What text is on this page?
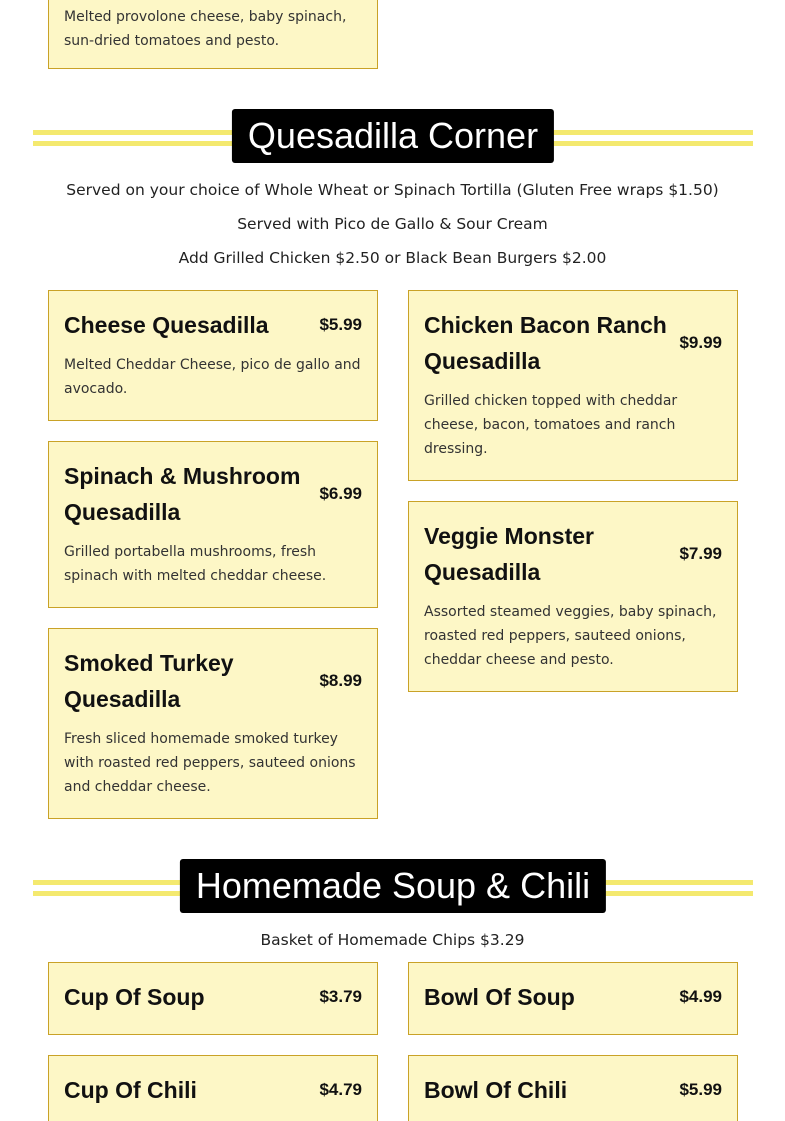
Melted provolone cheese, baby spinach, sun-dried tomatoes and pesto.
Quesadilla Corner
Served on your choice of Whole Wheat or Spinach Tortilla (Gluten Free wraps $1.50)
Served with Pico de Gallo & Sour Cream
Add Grilled Chicken $2.50 or Black Bean Burgers $2.00
Cheese Quesadilla	$5.99
Melted Cheddar Cheese, pico de gallo and avocado.
Chicken Bacon Ranch Quesadilla
$9.99
Grilled chicken topped with cheddar cheese, bacon, tomatoes and ranch dressing.
Spinach & Mushroom Quesadilla
$6.99
Grilled portabella mushrooms, fresh spinach with melted cheddar cheese.
Veggie Monster Quesadilla
$7.99
Assorted steamed veggies, baby spinach, roasted red peppers, sauteed onions, cheddar cheese and pesto.
Smoked Turkey Quesadilla
$8.99
Fresh sliced homemade smoked turkey with roasted red peppers, sauteed onions and cheddar cheese.
Homemade Soup & Chili
Basket of Homemade Chips $3.29
Cup Of Soup	$3.79	Bowl Of Soup	$4.99
Cup Of Chili	$4.79	Bowl Of Chili	$5.99
